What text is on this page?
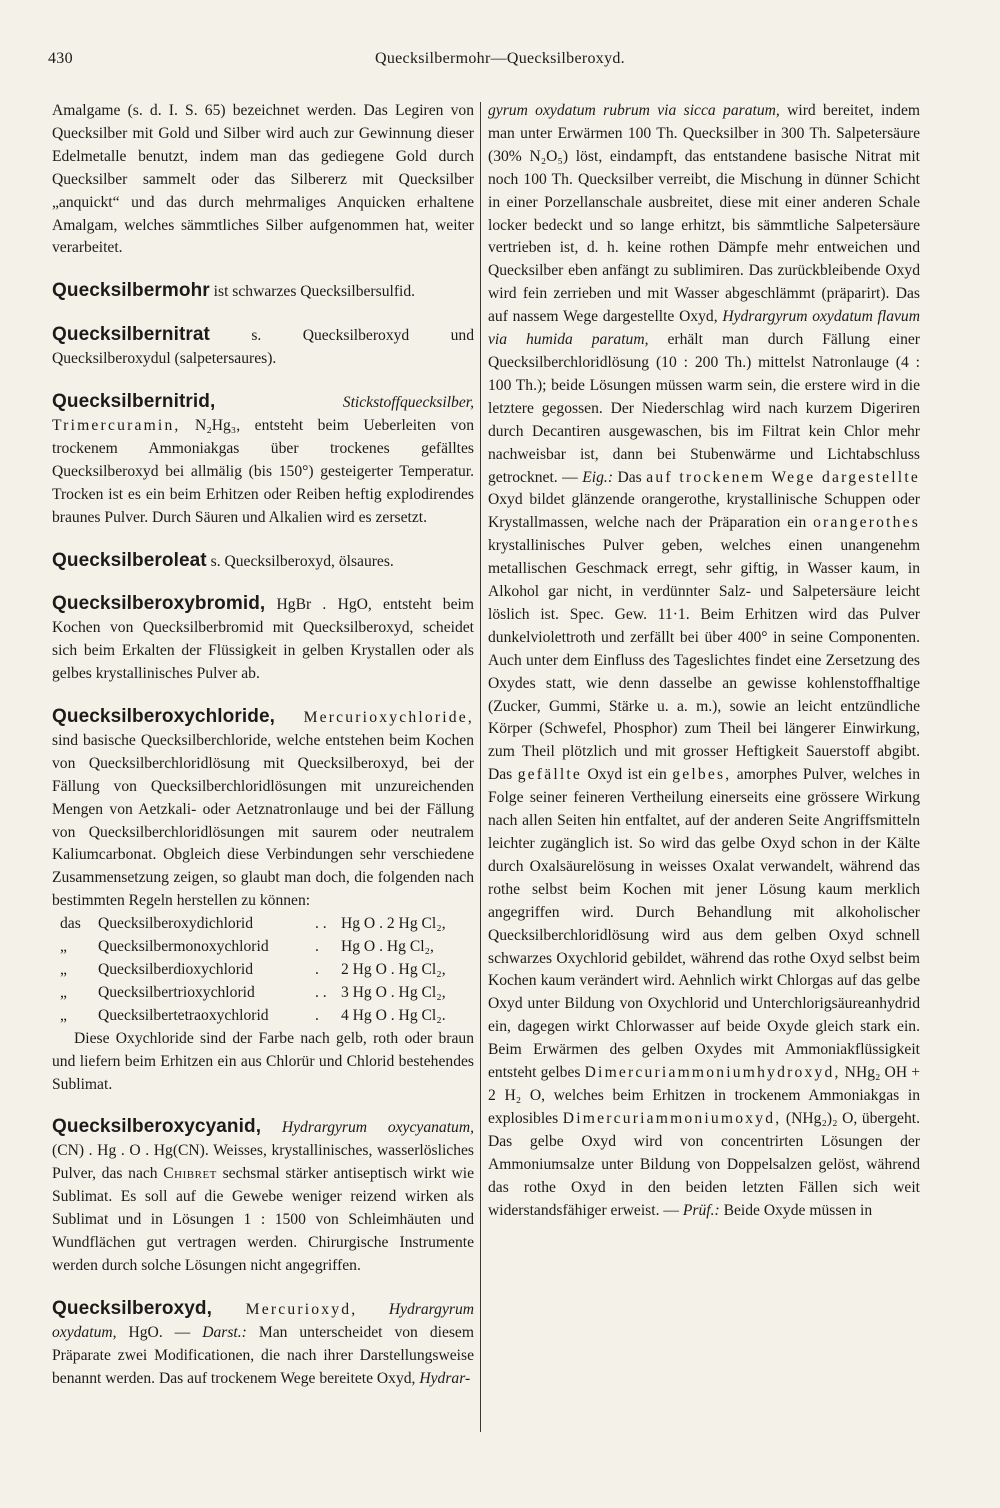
430	Quecksilbermohr—Quecksilberoxyd.

Amalgame (s. d. I. S. 65) bezeichnet werden. Das Legiren von Quecksilber mit Gold und Silber wird auch zur Gewinnung dieser Edelmetalle benutzt, indem man das gediegene Gold durch Quecksilber sammelt oder das Silbererz mit Quecksilber „anquickt“ und das durch mehrmaliges Anquicken erhaltene Amalgam, welches sämmtliches Silber aufgenommen hat, weiter verarbeitet.

Quecksilbermohr ist schwarzes Quecksilbersulfid.

Quecksilbernitrat s. Quecksilberoxyd und Quecksilberoxydul (salpetersaures).

Quecksilbernitrid, Stickstoffquecksilber, Trimercuramin, N₂Hg₃, entsteht beim Ueberleiten von trockenem Ammoniakgas über trockenes gefälltes Quecksilberoxyd bei allmälig (bis 150°) gesteigerter Temperatur. Trocken ist es ein beim Erhitzen oder Reiben heftig explodirendes braunes Pulver. Durch Säuren und Alkalien wird es zersetzt.

Quecksilberoleat s. Quecksilberoxyd, ölsaures.

Quecksilberoxybromid, HgBr . HgO, entsteht beim Kochen von Quecksilberbromid mit Quecksilberoxyd, scheidet sich beim Erkalten der Flüssigkeit in gelben Krystallen oder als gelbes krystallinisches Pulver ab.

Quecksilberoxychloride, Mercurioxychloride, sind basische Quecksilberchloride, welche entstehen beim Kochen von Quecksilberchloridlösung mit Quecksilberoxyd, bei der Fällung von Quecksilberchloridlösungen mit unzureichenden Mengen von Aetzkali- oder Aetznatronlauge und bei der Fällung von Quecksilberchloridlösungen mit saurem oder neutralem Kaliumcarbonat. Obgleich diese Verbindungen sehr verschiedene Zusammensetzung zeigen, so glaubt man doch, die folgenden nach bestimmten Regeln herstellen zu können:

das	Quecksilberoxydichlorid	. .	Hg O . 2 Hg Cl₂,
„	Quecksilbermonoxychlorid	.	Hg O . Hg Cl₂,
„	Quecksilberdioxychlorid	.	2 Hg O . Hg Cl₂,
„	Quecksilbertrioxychlorid	. .	3 Hg O . Hg Cl₂,
„	Quecksilbertetraoxychlorid	.	4 Hg O . Hg Cl₂.

Diese Oxychloride sind der Farbe nach gelb, roth oder braun und liefern beim Erhitzen ein aus Chlorür und Chlorid bestehendes Sublimat.

Quecksilberoxycyanid, Hydrargyrum oxycyanatum, (CN) . Hg . O . Hg(CN). Weisses, krystallinisches, wasserlösliches Pulver, das nach Chibret sechsmal stärker antiseptisch wirkt wie Sublimat. Es soll auf die Gewebe weniger reizend wirken als Sublimat und in Lösungen 1 : 1500 von Schleimhäuten und Wundflächen gut vertragen werden. Chirurgische Instrumente werden durch solche Lösungen nicht angegriffen.

Quecksilberoxyd, Mercurioxyd, Hydrargyrum oxydatum, HgO. — Darst.: Man unterscheidet von diesem Präparate zwei Modificationen, die nach ihrer Darstellungsweise benannt werden. Das auf trockenem Wege bereitete Oxyd, Hydrar-

gyrum oxydatum rubrum via sicca paratum, wird bereitet, indem man unter Erwärmen 100 Th. Quecksilber in 300 Th. Salpetersäure (30% N₂O₅) löst, eindampft, das entstandene basische Nitrat mit noch 100 Th. Quecksilber verreibt, die Mischung in dünner Schicht in einer Porzellanschale ausbreitet, diese mit einer anderen Schale locker bedeckt und so lange erhitzt, bis sämmtliche Salpetersäure vertrieben ist, d. h. keine rothen Dämpfe mehr entweichen und Quecksilber eben anfängt zu sublimiren. Das zurückbleibende Oxyd wird fein zerrieben und mit Wasser abgeschlämmt (präparirt). Das auf nassem Wege dargestellte Oxyd, Hydrargyrum oxydatum flavum via humida paratum, erhält man durch Fällung einer Quecksilberchloridlösung (10 : 200 Th.) mittelst Natronlauge (4 : 100 Th.); beide Lösungen müssen warm sein, die erstere wird in die letztere gegossen. Der Niederschlag wird nach kurzem Digeriren durch Decantiren ausgewaschen, bis im Filtrat kein Chlor mehr nachweisbar ist, dann bei Stubenwärme und Lichtabschluss getrocknet. — Eig.: Das auf trockenem Wege dargestellte Oxyd bildet glänzende orangerothe, krystallinische Schuppen oder Krystallmassen, welche nach der Präparation ein orangerothes krystallinisches Pulver geben, welches einen unangenehm metallischen Geschmack erregt, sehr giftig, in Wasser kaum, in Alkohol gar nicht, in verdünnter Salz- und Salpetersäure leicht löslich ist. Spec. Gew. 11·1. Beim Erhitzen wird das Pulver dunkelviolettroth und zerfällt bei über 400° in seine Componenten. Auch unter dem Einfluss des Tageslichtes findet eine Zersetzung des Oxydes statt, wie denn dasselbe an gewisse kohlenstoffhaltige (Zucker, Gummi, Stärke u. a. m.), sowie an leicht entzündliche Körper (Schwefel, Phosphor) zum Theil bei längerer Einwirkung, zum Theil plötzlich und mit grosser Heftigkeit Sauerstoff abgibt. Das gefällte Oxyd ist ein gelbes, amorphes Pulver, welches in Folge seiner feineren Vertheilung einerseits eine grössere Wirkung nach allen Seiten hin entfaltet, auf der anderen Seite Angriffsmitteln leichter zugänglich ist. So wird das gelbe Oxyd schon in der Kälte durch Oxalsäurelösung in weisses Oxalat verwandelt, während das rothe selbst beim Kochen mit jener Lösung kaum merklich angegriffen wird. Durch Behandlung mit alkoholischer Quecksilberchloridlösung wird aus dem gelben Oxyd schnell schwarzes Oxychlorid gebildet, während das rothe Oxyd selbst beim Kochen kaum verändert wird. Aehnlich wirkt Chlorgas auf das gelbe Oxyd unter Bildung von Oxychlorid und Unterchlorigsäureanhydrid ein, dagegen wirkt Chlorwasser auf beide Oxyde gleich stark ein. Beim Erwärmen des gelben Oxydes mit Ammoniakflüssigkeit entsteht gelbes Dimercuriammoniumhydroxyd, NHg₂ OH + 2 H₂ O, welches beim Erhitzen in trockenem Ammoniakgas in explosibles Dimercuriammoniumoxyd, (NHg₂)₂ O, übergeht. Das gelbe Oxyd wird von concentrirten Lösungen der Ammoniumsalze unter Bildung von Doppelsalzen gelöst, während das rothe Oxyd in den beiden letzten Fällen sich weit widerstandsfähiger erweist. — Prüf.: Beide Oxyde müssen in
